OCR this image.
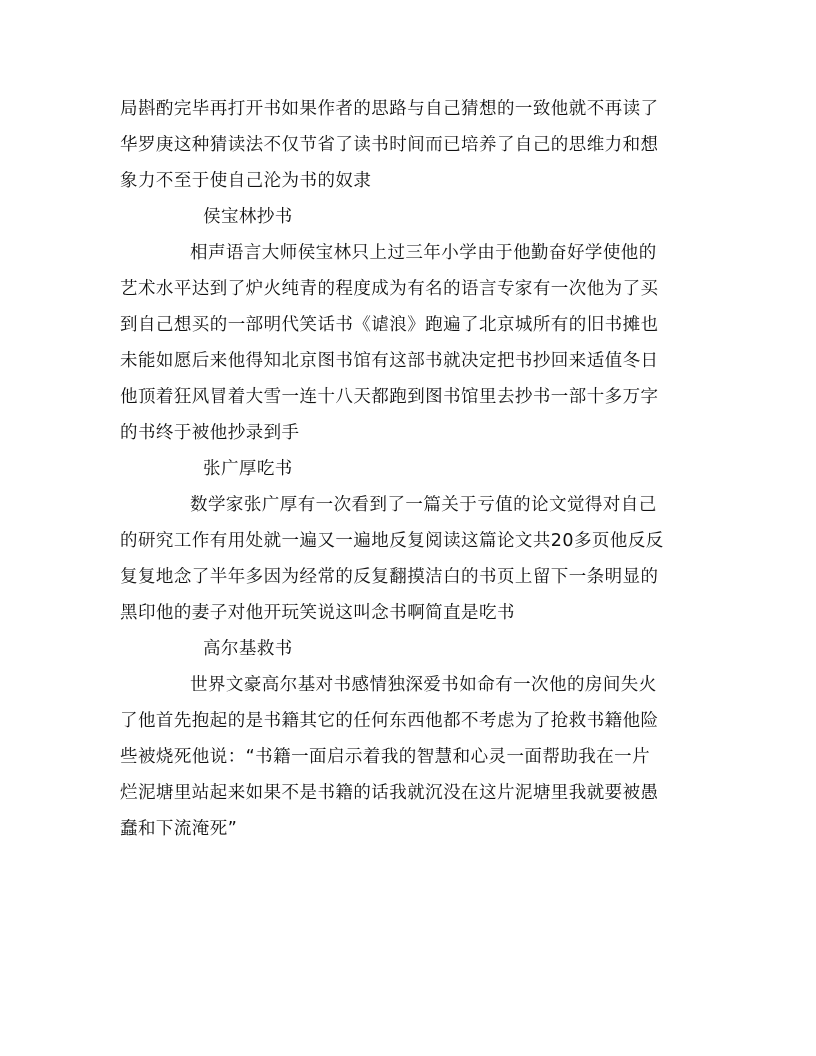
局斟酌完毕再打开书如果作者的思路与自己猜想的一致他就不再读了
华罗庚这种猜读法不仅节省了读书时间而已培养了自己的思维力和想
象力不至于使自己沦为书的奴隶
侯宝林抄书
相声语言大师侯宝林只上过三年小学由于他勤奋好学使他的
艺术水平达到了炉火纯青的程度成为有名的语言专家有一次他为了买
到自己想买的一部明代笑话书《谑浪》跑遍了北京城所有的旧书摊也
未能如愿后来他得知北京图书馆有这部书就决定把书抄回来适值冬日
他顶着狂风冒着大雪一连十八天都跑到图书馆里去抄书一部十多万字
的书终于被他抄录到手
张广厚吃书
数学家张广厚有一次看到了一篇关于亏值的论文觉得对自己
的研究工作有用处就一遍又一遍地反复阅读这篇论文共20多页他反反
复复地念了半年多因为经常的反复翻摸洁白的书页上留下一条明显的
黑印他的妻子对他开玩笑说这叫念书啊简直是吃书
高尔基救书
世界文豪高尔基对书感情独深爱书如命有一次他的房间失火
了他首先抱起的是书籍其它的任何东西他都不考虑为了抢救书籍他险
些被烧死他说：“书籍一面启示着我的智慧和心灵一面帮助我在一片
烂泥塘里站起来如果不是书籍的话我就沉没在这片泥塘里我就要被愚
蠢和下流淹死”
